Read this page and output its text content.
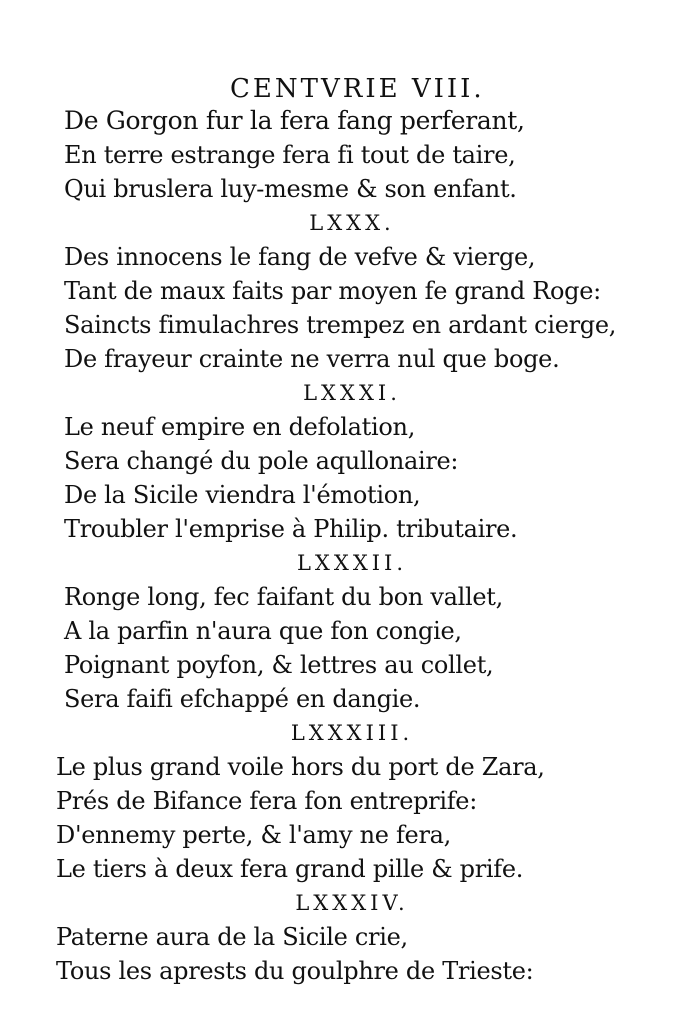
CENTVRIE VIII.
De Gorgon fur la fera fang perferant,
En terre estrange fera fi tout de taire,
Qui bruslera luy-mesme & son enfant.
LXXX.
Des innocens le fang de vefve & vierge,
Tant de maux faits par moyen fe grand Roge:
Saincts fimulachres trempez en ardant cierge,
De frayeur crainte ne verra nul que boge.
LXXXI.
Le neuf empire en defolation,
Sera changé du pole aqullonaire:
De la Sicile viendra l'émotion,
Troubler l'emprise à Philip. tributaire.
LXXXII.
Ronge long, fec faifant du bon vallet,
A la parfin n'aura que fon congie,
Poignant poyfon, & lettres au collet,
Sera faifi efchappé en dangie.
LXXXIII.
Le plus grand voile hors du port de Zara,
Prés de Bifance fera fon entreprife:
D'ennemy perte, & l'amy ne fera,
Le tiers à deux fera grand pille & prife.
LXXXIV.
Paterne aura de la Sicile crie,
Tous les aprests du goulphre de Trieste:
